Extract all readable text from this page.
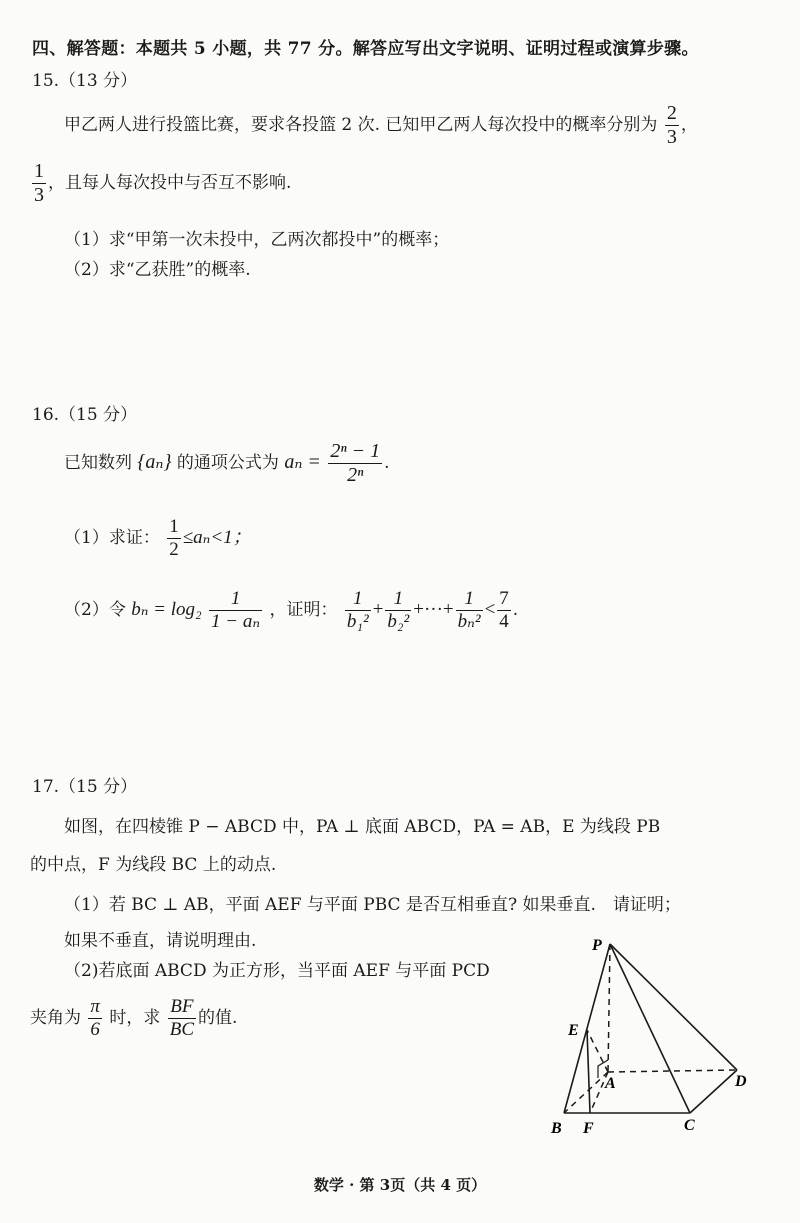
四、解答题：本题共 5 小题，共 77 分。解答应写出文字说明、证明过程或演算步骤。
15.（13 分）
甲乙两人进行投篮比赛，要求各投篮 2 次. 已知甲乙两人每次投中的概率分别为 $\frac{2}{3}$ ，
$\frac{1}{3}$ ，且每人每次投中与否互不影响.
（1）求“甲第一次未投中，乙两次都投中”的概率；
（2）求“乙获胜”的概率.
16.（15 分）
已知数列 {aₙ} 的通项公式为 $a_n = \frac{\text{2ⁿ − 1}}{\text{2ⁿ}}$ .
（1）求证： $\frac{1}{2} \le a_n<1$；
（2）令 $b_n = \log_2 \frac{1}{\text{1 − aₙ}}$ ，证明： $\frac{1}{\text{b₁²}} + \frac{1}{\text{b₂²}}$ +···+ $\frac{1}{\text{bₙ²}} < \frac{7}{4}$ .
17.（15 分）
如图，在四棱锥 P − ABCD 中，PA ⊥ 底面 ABCD，PA = AB，E 为线段 PB
的中点，F 为线段 BC 上的动点.
（1）若 BC ⊥ AB，平面 AEF 与平面 PBC 是否互相垂直? 如果垂直.　请证明；
如果不垂直，请说明理由.
（2)若底面 ABCD 为正方形，当平面 AEF 与平面 PCD
夹角为 $\frac{\pi}{6}$ 时，求 $\frac{BF}{BC}$ 的值.
P
E
A	D
B F	C
数学 · 第 3页（共 4 页）
